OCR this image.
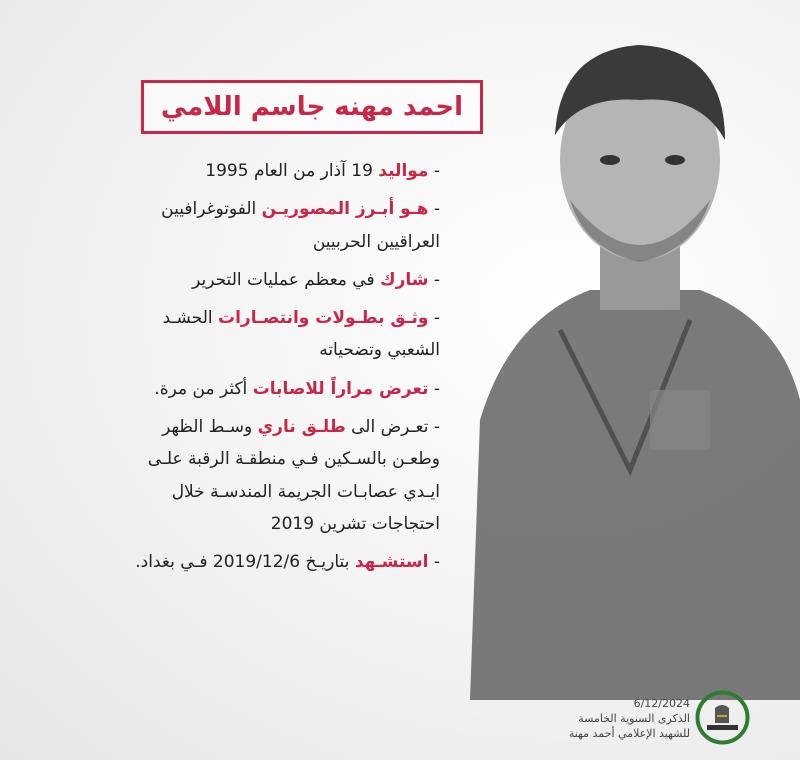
احمد مهنه جاسم اللامي

- مواليد 19 آذار من العام 1995

- هـو أبـرز المصوريـن الفوتوغرافيين العراقيين الحربيين

- شارك في معظم عمليات التحرير

- وثـق بطـولات وانتصـارات الحشـد الشعبي وتضحياته

- تعرض مراراً للاصابات أكثر من مرة.

- تعـرض الى طلـق ناري وسـط الظهر وطعـن بالسـكين فـي منطقـة الرقبة علـى ايـدي عصابـات الجريمة المندسـة خلال احتجاجات تشرين 2019

- استشـهد بتاريـخ 2019/12/6 فـي بغداد.

6/12/2024
الذكرى السنوية الخامسة
للشهيد الإعلامي أحمد مهنة
